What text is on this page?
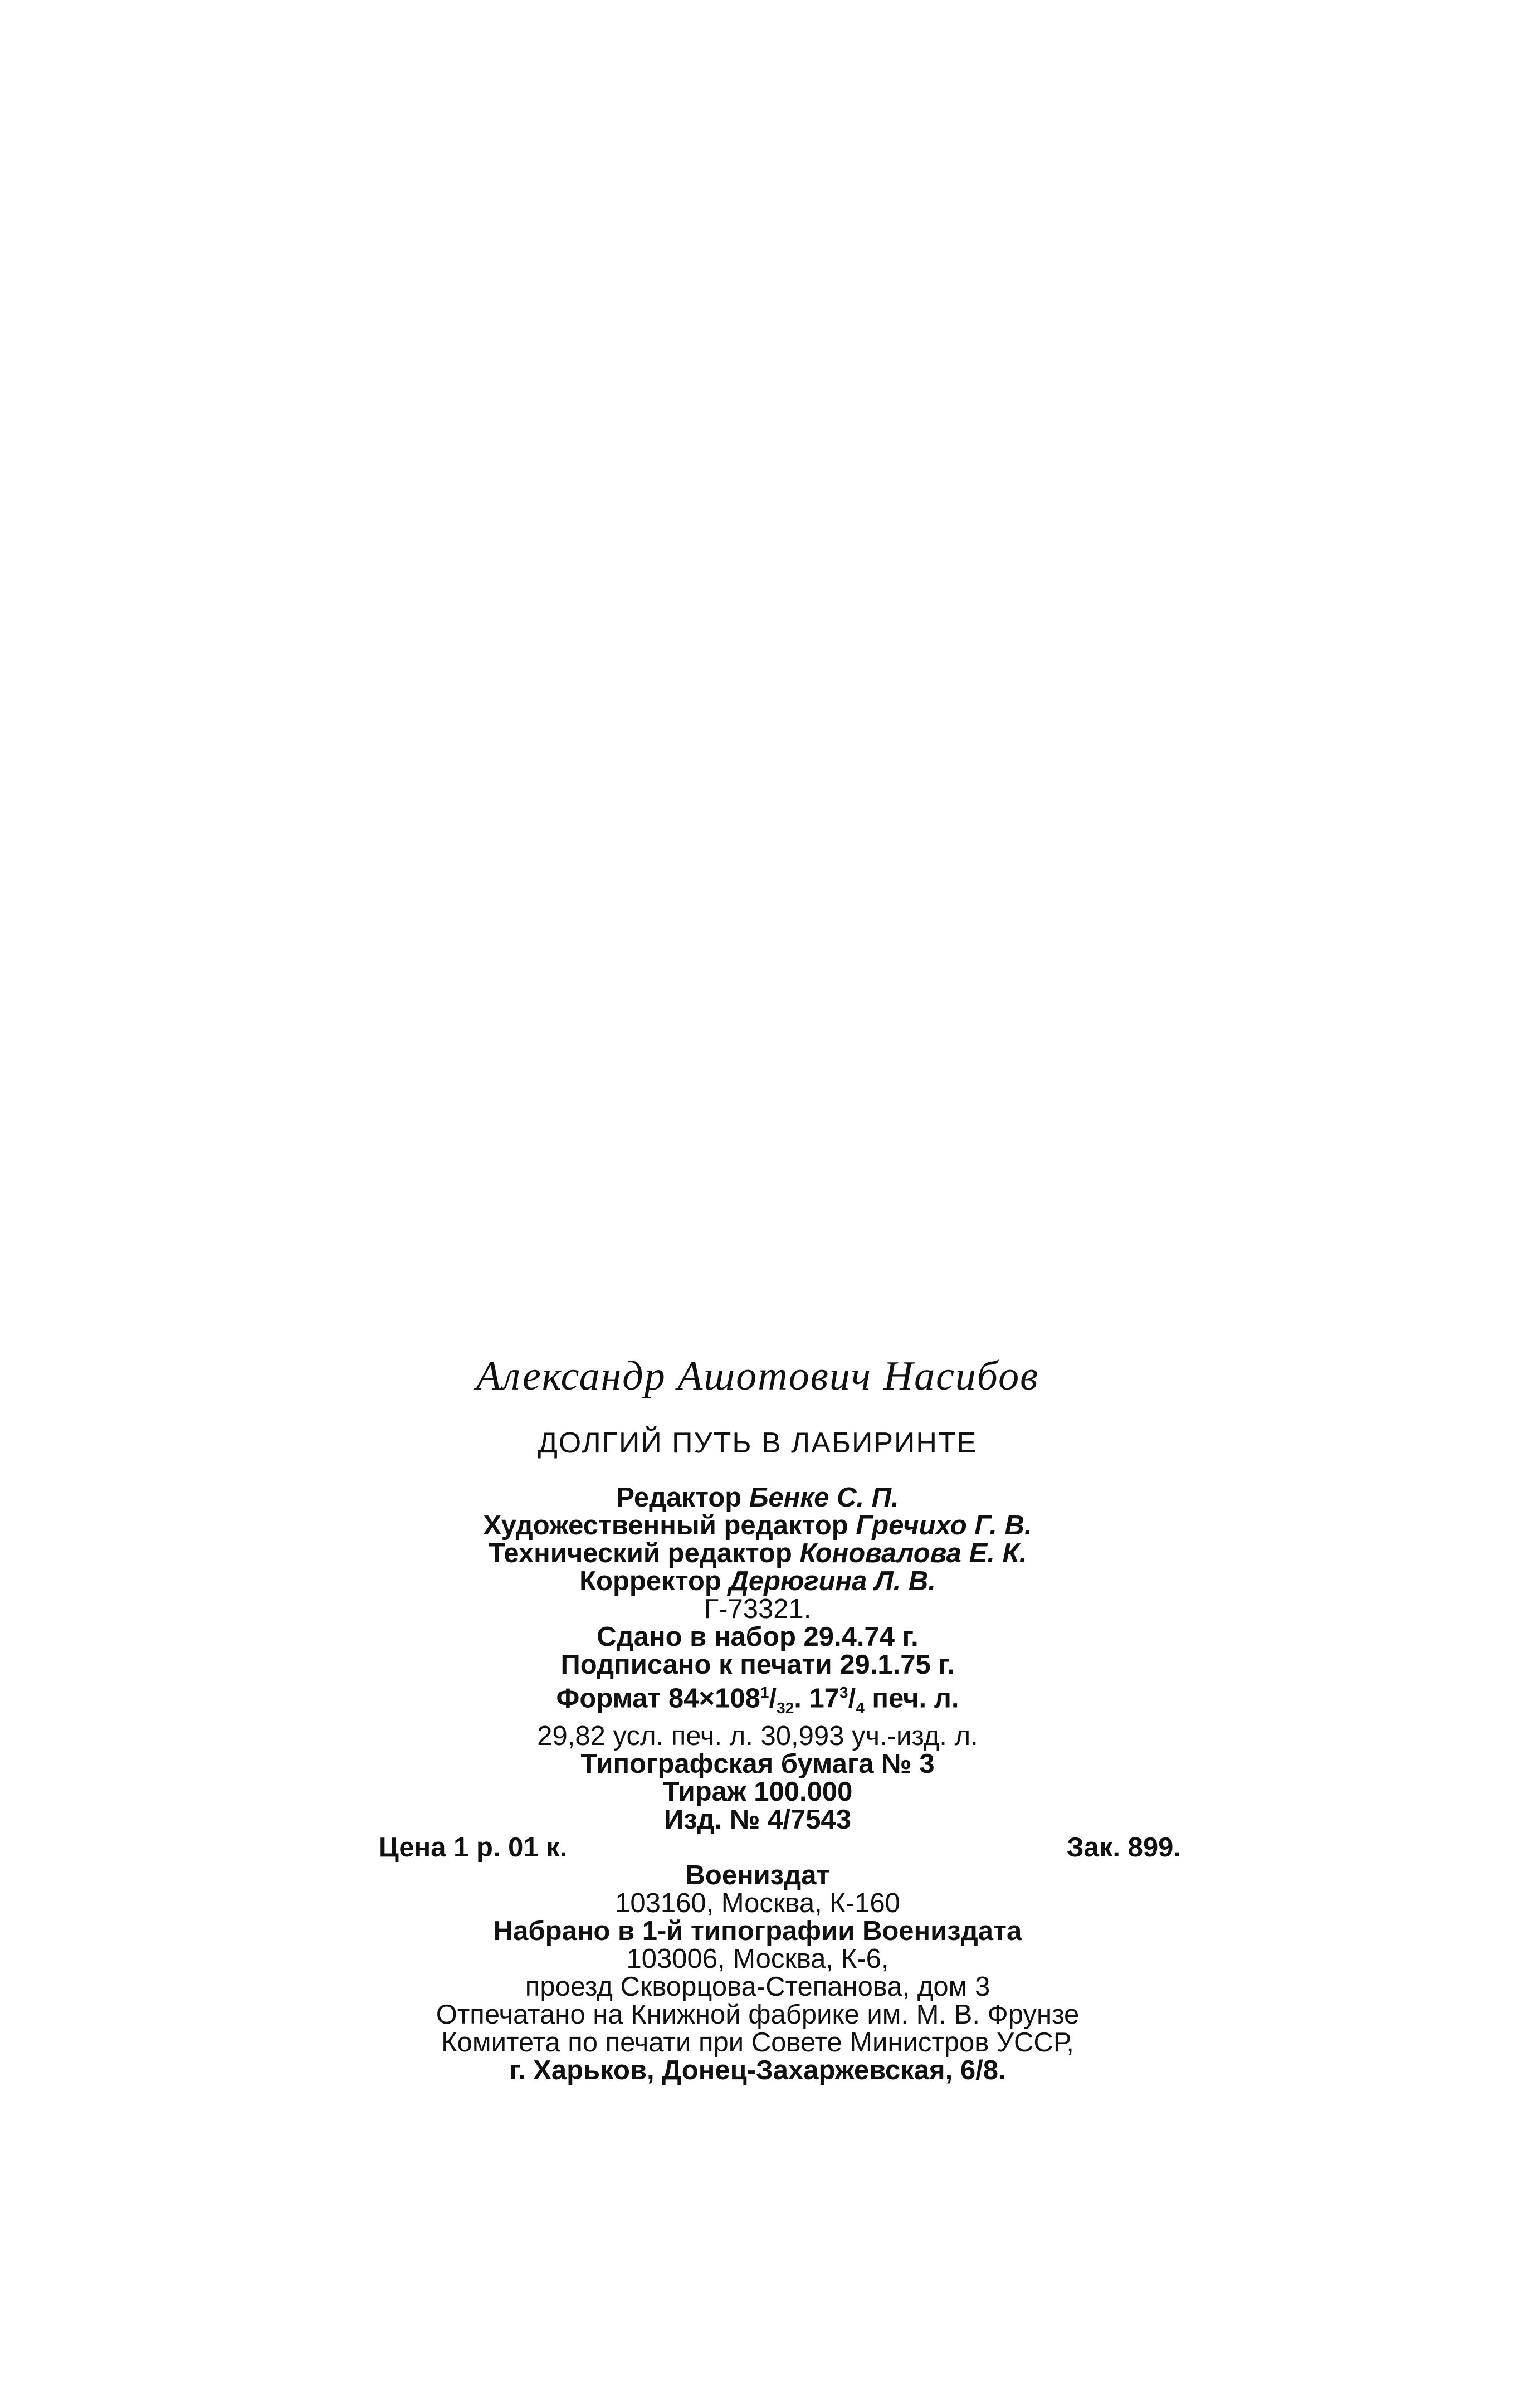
Александр Ашотович Насибов
ДОЛГИЙ ПУТЬ В ЛАБИРИНТЕ
Редактор Бенке С. П.
Художественный редактор Гречихо Г. В.
Технический редактор Коновалова Е. К.
Корректор Дерюгина Л. В.
Г-73321.
Сдано в набор 29.4.74 г.
Подписано к печати 29.1.75 г.
Формат $84\times 108^1/_{32}$. $17^3/_4$ печ. л.
29,82 усл. печ. л. 30,993 уч.-изд. л.
Типографская бумага № 3
Тираж 100.000
Изд. № 4/7543
Цена 1 р. 01 к.	Зак. 899.
Воениздат
103160, Москва, К-160
Набрано в 1-й типографии Воениздата
103006, Москва, К-6,
проезд Скворцова-Степанова, дом 3
Отпечатано на Книжной фабрике им. М. В. Фрунзе
Комитета по печати при Совете Министров УССР,
г. Харьков, Донец-Захаржевская, 6/8.
